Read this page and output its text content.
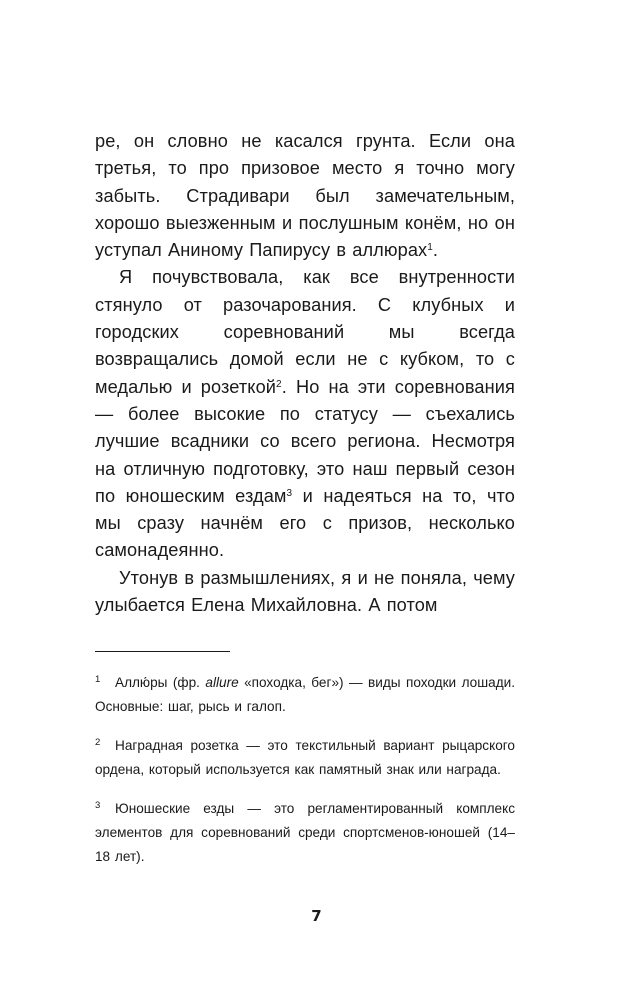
ре, он словно не касался грунта. Если она третья, то про призовое место я точно могу забыть. Страдивари был замечательным, хорошо выезженным и послушным конём, но он уступал Аниному Папирусу в аллюрах$^1$.

Я почувствовала, как все внутренности стянуло от разочарования. С клубных и городских соревнований мы всегда возвращались домой если не с кубком, то с медалью и розеткой$^2$. Но на эти соревнования — более высокие по статусу — съехались лучшие всадники со всего региона. Несмотря на отличную подготовку, это наш первый сезон по юношеским ездам$^3$ и надеяться на то, что мы сразу начнём его с призов, несколько самонадеянно.

Утонув в размышлениях, я и не поняла, чему улыбается Елена Михайловна. А потом

1 Аллю́ры (фр. allure «походка, бег») — виды походки лошади. Основные: шаг, рысь и галоп.

2 Наградная розетка — это текстильный вариант рыцарского ордена, который используется как памятный знак или награда.

3 Юношеские езды — это регламентированный комплекс элементов для соревнований среди спортсменов-юношей (14–18 лет).

7
